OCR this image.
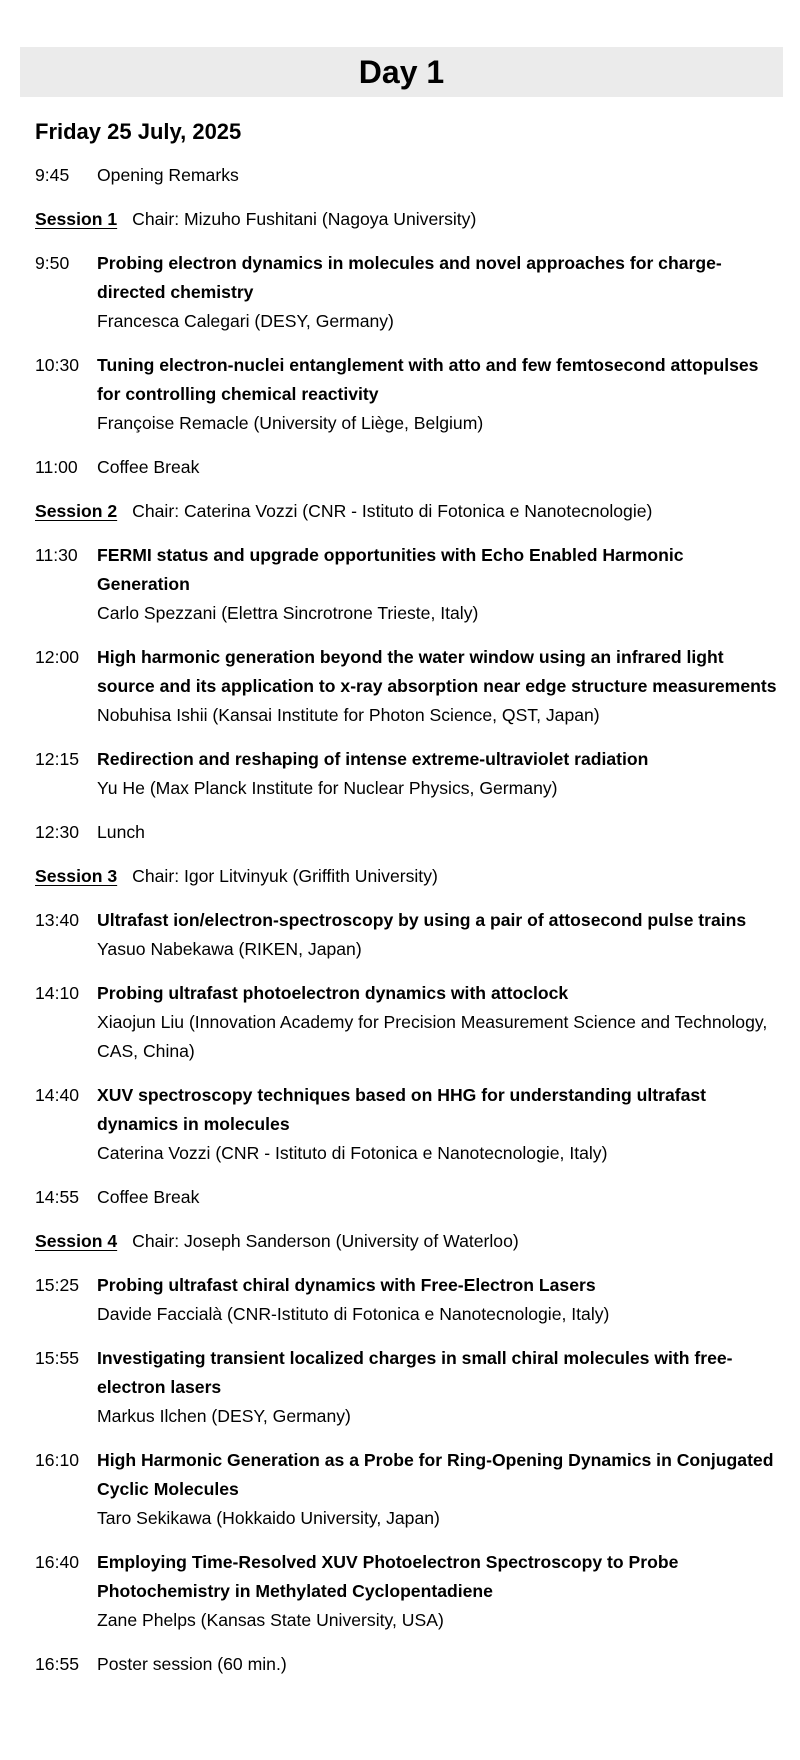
Day 1
Friday 25 July, 2025
9:45	Opening Remarks
Session 1 Chair: Mizuho Fushitani (Nagoya University)
9:50	Probing electron dynamics in molecules and novel approaches for charge-directed chemistry
Francesca Calegari (DESY, Germany)
10:30	Tuning electron-nuclei entanglement with atto and few femtosecond attopulses for controlling chemical reactivity
Françoise Remacle (University of Liège, Belgium)
11:00	Coffee Break
Session 2 Chair: Caterina Vozzi (CNR - Istituto di Fotonica e Nanotecnologie)
11:30	FERMI status and upgrade opportunities with Echo Enabled Harmonic Generation
Carlo Spezzani (Elettra Sincrotrone Trieste, Italy)
12:00	High harmonic generation beyond the water window using an infrared light source and its application to x-ray absorption near edge structure measurements
Nobuhisa Ishii (Kansai Institute for Photon Science, QST, Japan)
12:15	Redirection and reshaping of intense extreme-ultraviolet radiation
Yu He (Max Planck Institute for Nuclear Physics, Germany)
12:30	Lunch
Session 3 Chair: Igor Litvinyuk (Griffith University)
13:40	Ultrafast ion/electron-spectroscopy by using a pair of attosecond pulse trains
Yasuo Nabekawa (RIKEN, Japan)
14:10	Probing ultrafast photoelectron dynamics with attoclock
Xiaojun Liu (Innovation Academy for Precision Measurement Science and Technology, CAS, China)
14:40	XUV spectroscopy techniques based on HHG for understanding ultrafast dynamics in molecules
Caterina Vozzi (CNR - Istituto di Fotonica e Nanotecnologie, Italy)
14:55	Coffee Break
Session 4 Chair: Joseph Sanderson (University of Waterloo)
15:25	Probing ultrafast chiral dynamics with Free-Electron Lasers
Davide Faccialà (CNR-Istituto di Fotonica e Nanotecnologie, Italy)
15:55	Investigating transient localized charges in small chiral molecules with free-electron lasers
Markus Ilchen (DESY, Germany)
16:10	High Harmonic Generation as a Probe for Ring-Opening Dynamics in Conjugated Cyclic Molecules
Taro Sekikawa (Hokkaido University, Japan)
16:40	Employing Time-Resolved XUV Photoelectron Spectroscopy to Probe Photochemistry in Methylated Cyclopentadiene
Zane Phelps (Kansas State University, USA)
16:55	Poster session (60 min.)
